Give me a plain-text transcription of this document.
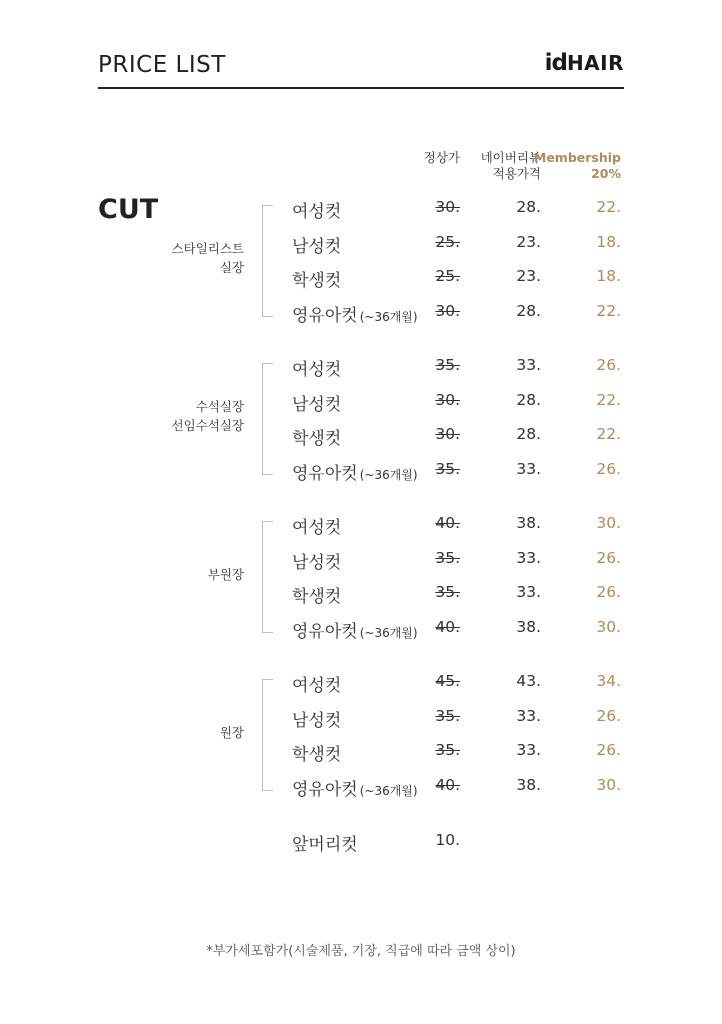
PRICE LIST	idHAIR
정상가 네이버리뷰
적용가격
Membership
20%
CUT
스타일리스트
실장
여성컷	30.	28.	22.
남성컷	25.	23.	18.
학생컷	25.	23.	18.
영유아컷 (~36개월) 30.	28.	22.
수석실장
선임수석실장
여성컷	35.	33.	26.
남성컷	30.	28.	22.
학생컷	30.	28.	22.
영유아컷 (~36개월) 35.	33.	26.
부원장
여성컷	40.	38.	30.
남성컷	35.	33.	26.
학생컷	35.	33.	26.
영유아컷 (~36개월) 40.	38.	30.
원장
여성컷	45.	43.	34.
남성컷	35.	33.	26.
학생컷	35.	33.	26.
영유아컷 (~36개월) 40.	38.	30.
앞머리컷	10.
*부가세포함가(시술제품, 기장, 직급에 따라 금액 상이)
